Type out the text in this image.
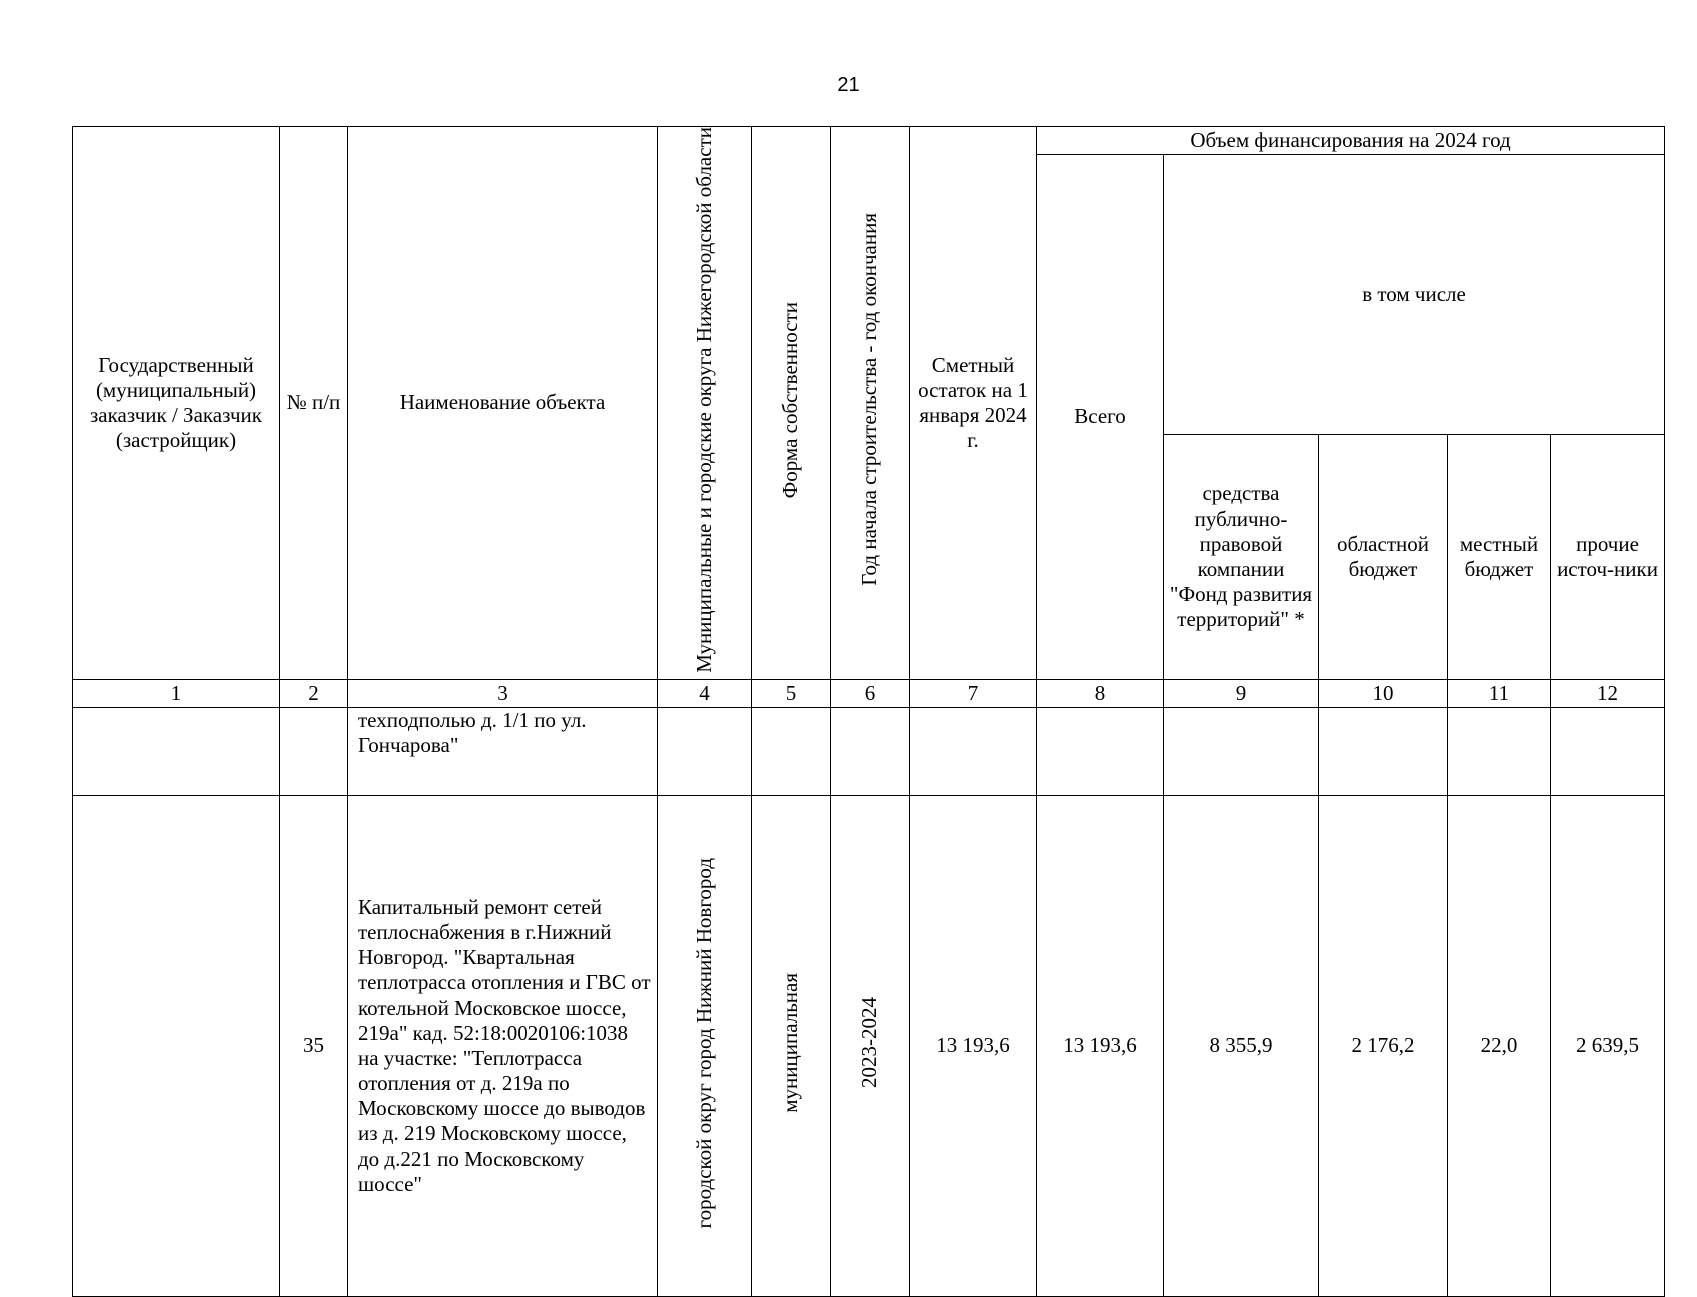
21
Государственный (муниципальный) заказчик / Заказчик (застройщик)	№ п/п	Наименование объекта	Муниципальные и городские округа Нижегородской области	Форма собственности	Год начала строительства - год окончания	Сметный остаток на 1 января 2024 г.	Объем финансирования на 2024 год				
							Всего	в том числе			
								средства публично-правовой компании "Фонд развития территорий" *	областной бюджет	местный бюджет	прочие источ-ники
1	2	3	4	5	6	7	8	9	10	11	12
		техподполью д. 1/1 по ул. Гончарова"									
	35	Капитальный ремонт сетей теплоснабжения в г.Нижний Новгород. "Квартальная теплотрасса отопления и ГВС от котельной Московское шоссе, 219а" кад. 52:18:0020106:1038 на участке: "Теплотрасса отопления от д. 219а по Московскому шоссе до выводов из д. 219 Московскому шоссе, до д.221 по Московскому шоссе"	городской округ город Нижний Новгород	муниципальная	2023-2024	13 193,6	13 193,6	8 355,9	2 176,2	22,0	2 639,5
